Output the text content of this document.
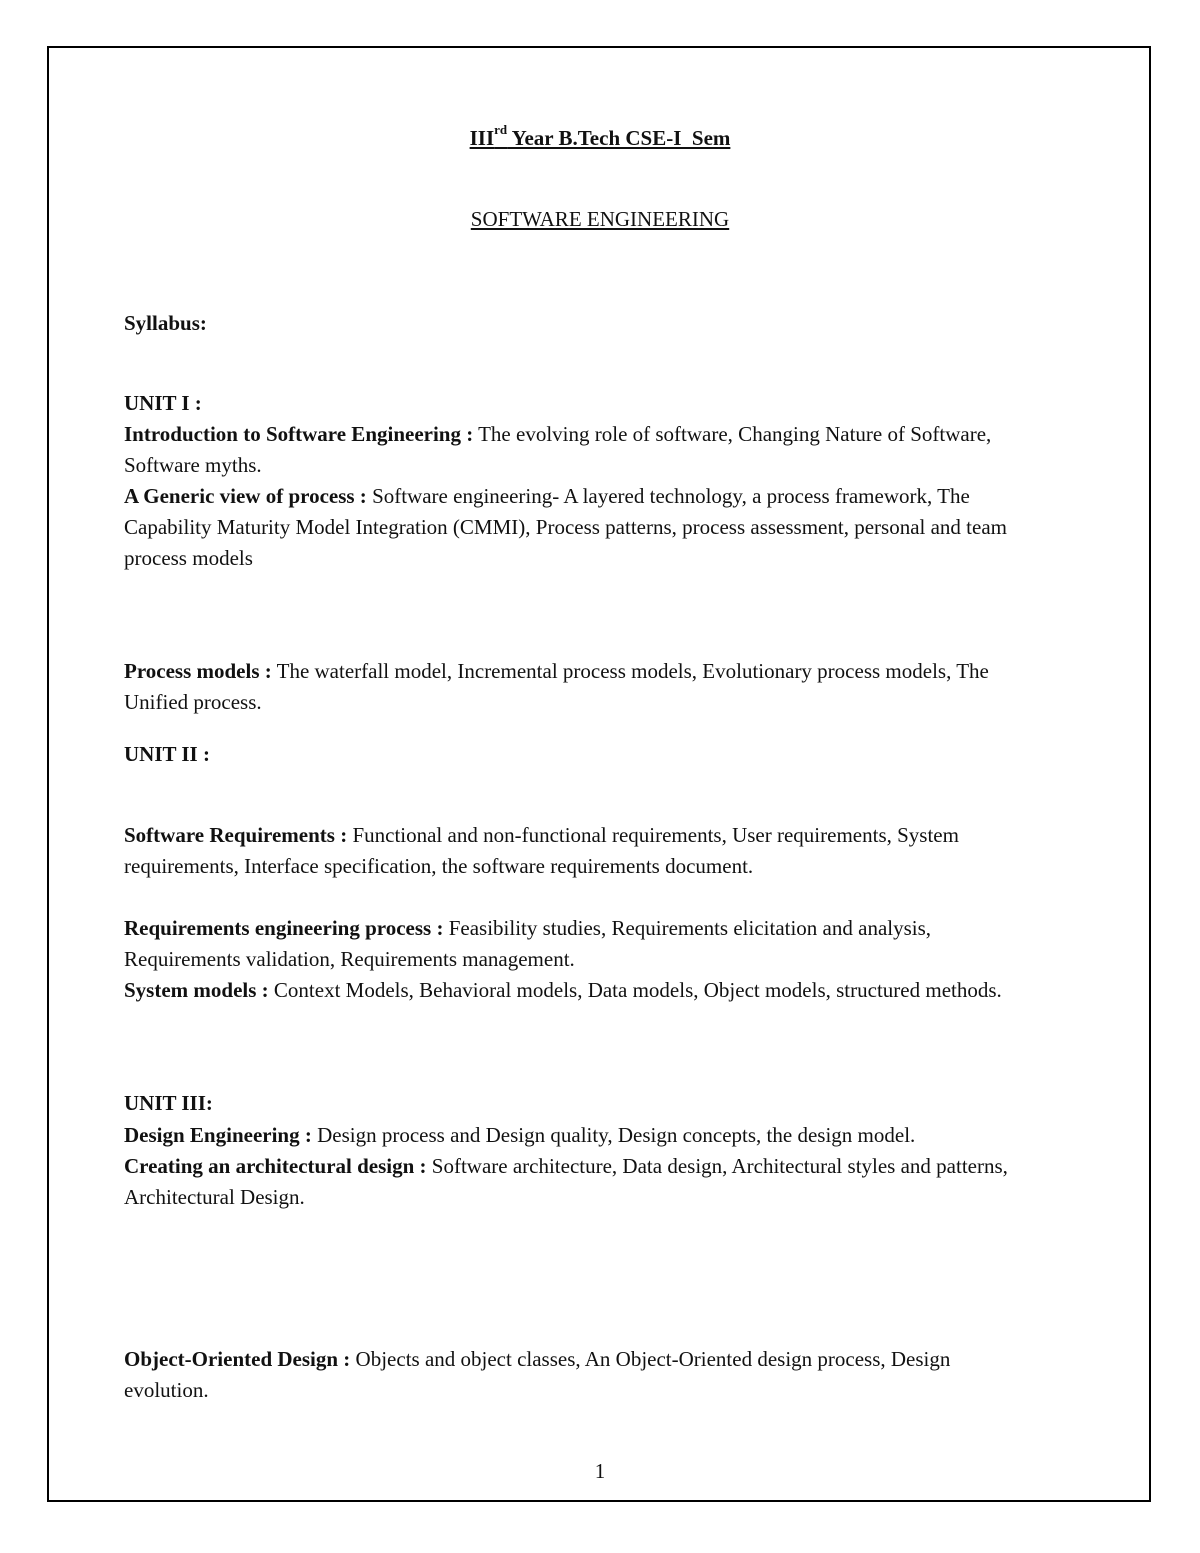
IIIrd Year B.Tech CSE-I  Sem

SOFTWARE ENGINEERING

Syllabus:

UNIT I :

Introduction to Software Engineering : The evolving role of software, Changing Nature of Software, Software myths.

A Generic view of process : Software engineering- A layered technology, a process framework, The Capability Maturity Model Integration (CMMI), Process patterns, process assessment, personal and team process models

Process models : The waterfall model, Incremental process models, Evolutionary process models, The Unified process.

UNIT II :

Software Requirements : Functional and non-functional requirements, User requirements, System requirements, Interface specification, the software requirements document.

Requirements engineering process : Feasibility studies, Requirements elicitation and analysis, Requirements validation, Requirements management.

System models : Context Models, Behavioral models, Data models, Object models, structured methods.

UNIT III:

Design Engineering : Design process and Design quality, Design concepts, the design model.

Creating an architectural design : Software architecture, Data design, Architectural styles and patterns, Architectural Design.

Object-Oriented Design : Objects and object classes, An Object-Oriented design process, Design evolution.

1
